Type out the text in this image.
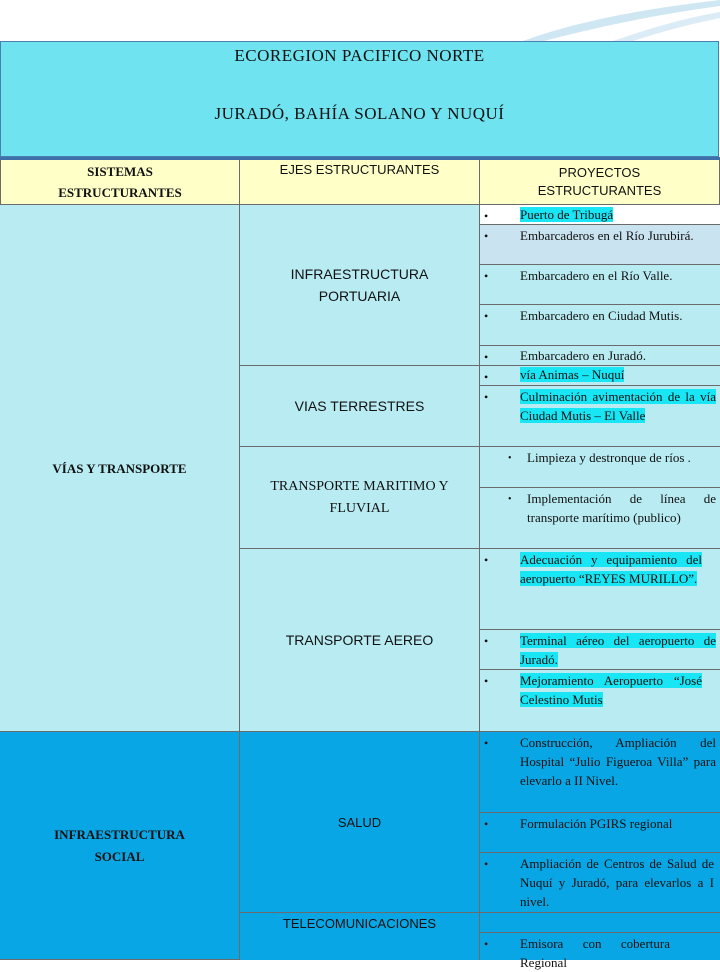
ECOREGION PACIFICO NORTE
JURADÓ, BAHÍA SOLANO Y NUQUÍ
SISTEMAS ESTRUCTURANTES
EJES ESTRUCTURANTES	PROYECTOS ESTRUCTURANTES
VÍAS Y TRANSPORTE
INFRAESTRUCTURA PORTUARIA
VIAS TERRESTRES
TRANSPORTE MARITIMO Y FLUVIAL
TRANSPORTE AEREO
• Puerto de Tribugá
• Embarcaderos en el Río Jurubirá.
• Embarcadero en el Río Valle.
• Embarcadero en Ciudad Mutis.
• Embarcadero en Juradó.
• vía Animas – Nuquí
• Culminación avimentación de la vía Ciudad Mutis – El Valle
• Limpieza y destronque de ríos .
• Implementación de línea de transporte marítimo (publico)
• Adecuación y equipamiento del aeropuerto “REYES MURILLO”.
• Terminal aéreo del aeropuerto de Juradó.
• Mejoramiento Aeropuerto “José Celestino Mutis
INFRAESTRUCTURA SOCIAL
SALUD
TELECOMUNICACIONES
• Construcción, Ampliación del Hospital “Julio Figueroa Villa” para elevarlo a II Nivel.
• Formulación PGIRS regional
• Ampliación de Centros de Salud de Nuquí y Juradó, para elevarlos a I nivel.
• Emisora con cobertura Regional
